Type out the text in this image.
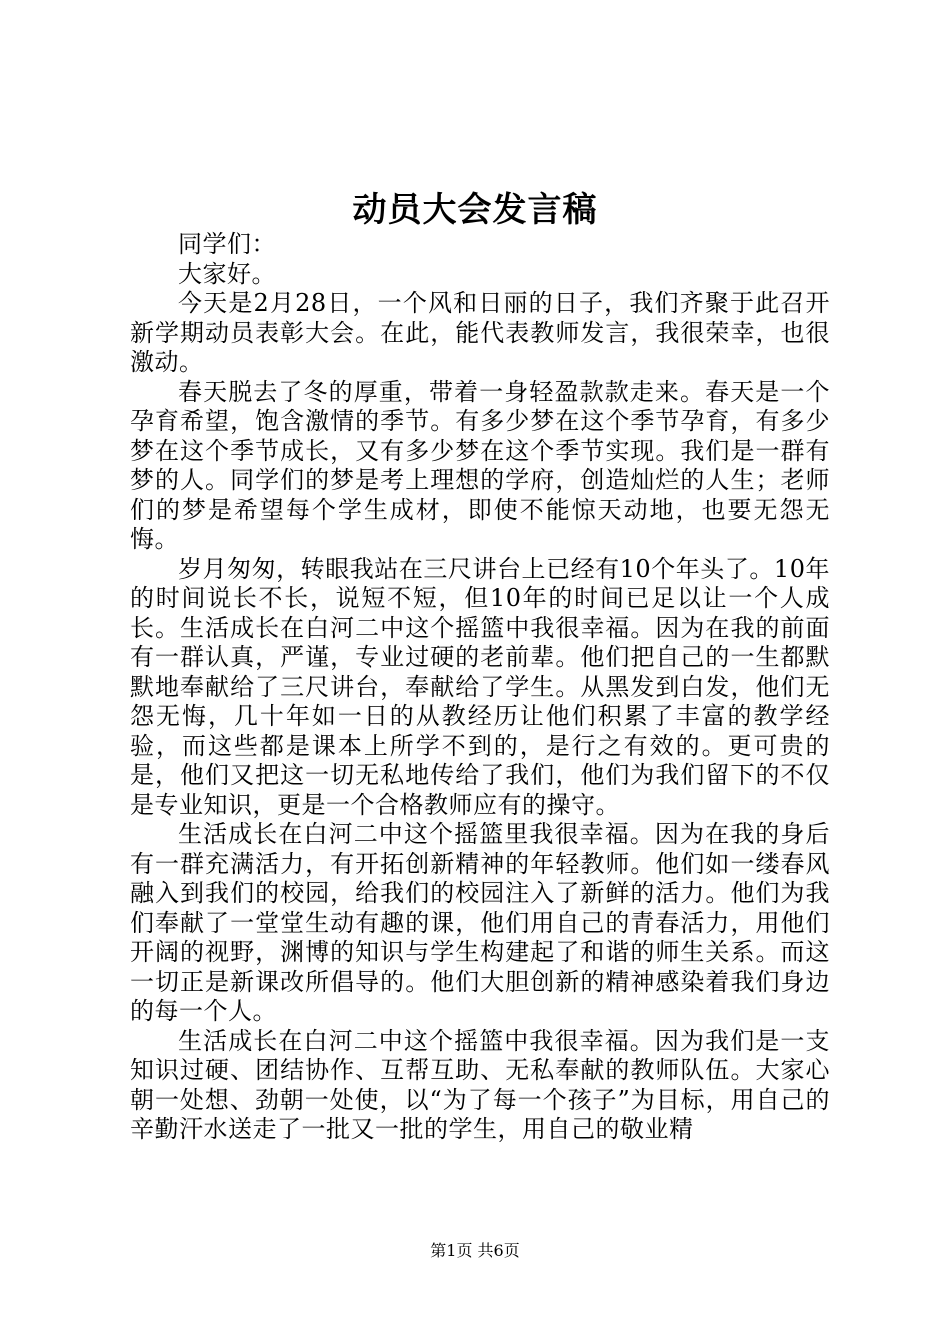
动员大会发言稿

同学们：

大家好。

今天是2月28日，一个风和日丽的日子，我们齐聚于此召开新学期动员表彰大会。在此，能代表教师发言，我很荣幸，也很激动。

春天脱去了冬的厚重，带着一身轻盈款款走来。春天是一个孕育希望，饱含激情的季节。有多少梦在这个季节孕育，有多少梦在这个季节成长，又有多少梦在这个季节实现。我们是一群有梦的人。同学们的梦是考上理想的学府，创造灿烂的人生；老师们的梦是希望每个学生成材，即使不能惊天动地，也要无怨无悔。

岁月匆匆，转眼我站在三尺讲台上已经有10个年头了。10年的时间说长不长，说短不短，但10年的时间已足以让一个人成长。生活成长在白河二中这个摇篮中我很幸福。因为在我的前面有一群认真，严谨，专业过硬的老前辈。他们把自己的一生都默默地奉献给了三尺讲台，奉献给了学生。从黑发到白发，他们无怨无悔，几十年如一日的从教经历让他们积累了丰富的教学经验，而这些都是课本上所学不到的，是行之有效的。更可贵的是，他们又把这一切无私地传给了我们，他们为我们留下的不仅是专业知识，更是一个合格教师应有的操守。

生活成长在白河二中这个摇篮里我很幸福。因为在我的身后有一群充满活力，有开拓创新精神的年轻教师。他们如一缕春风融入到我们的校园，给我们的校园注入了新鲜的活力。他们为我们奉献了一堂堂生动有趣的课，他们用自己的青春活力，用他们开阔的视野，渊博的知识与学生构建起了和谐的师生关系。而这一切正是新课改所倡导的。他们大胆创新的精神感染着我们身边的每一个人。

生活成长在白河二中这个摇篮中我很幸福。因为我们是一支知识过硬、团结协作、互帮互助、无私奉献的教师队伍。大家心朝一处想、劲朝一处使，以“为了每一个孩子”为目标，用自己的辛勤汗水送走了一批又一批的学生，用自己的敬业精

第1页 共6页
